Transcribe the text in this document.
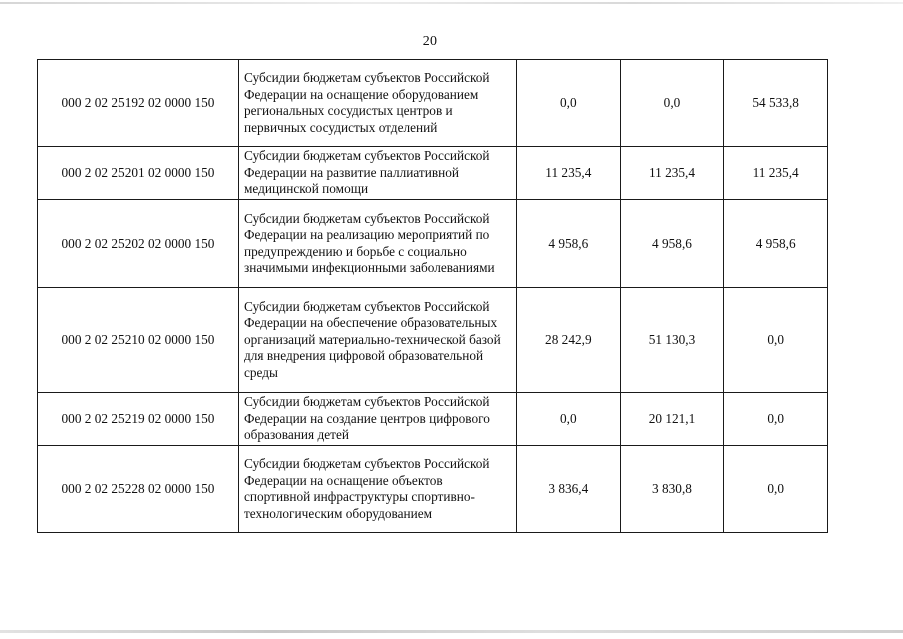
20
000 2 02 25192 02 0000 150	Субсидии бюджетам субъектов Российской Федерации на оснащение оборудованием региональных сосудистых центров и первичных сосудистых отделений	0,0	0,0	54 533,8
000 2 02 25201 02 0000 150	Субсидии бюджетам субъектов Российской Федерации на развитие паллиативной медицинской помощи	11 235,4	11 235,4	11 235,4
000 2 02 25202 02 0000 150	Субсидии бюджетам субъектов Российской Федерации на реализацию мероприятий по предупреждению и борьбе с социально значимыми инфекционными заболеваниями	4 958,6	4 958,6	4 958,6
000 2 02 25210 02 0000 150	Субсидии бюджетам субъектов Российской Федерации на обеспечение образовательных организаций материально-технической базой для внедрения цифровой образовательной среды	28 242,9	51 130,3	0,0
000 2 02 25219 02 0000 150	Субсидии бюджетам субъектов Российской Федерации на создание центров цифрового образования детей	0,0	20 121,1	0,0
000 2 02 25228 02 0000 150	Субсидии бюджетам субъектов Российской Федерации на оснащение объектов спортивной инфраструктуры спортивно-технологическим оборудованием	3 836,4	3 830,8	0,0
